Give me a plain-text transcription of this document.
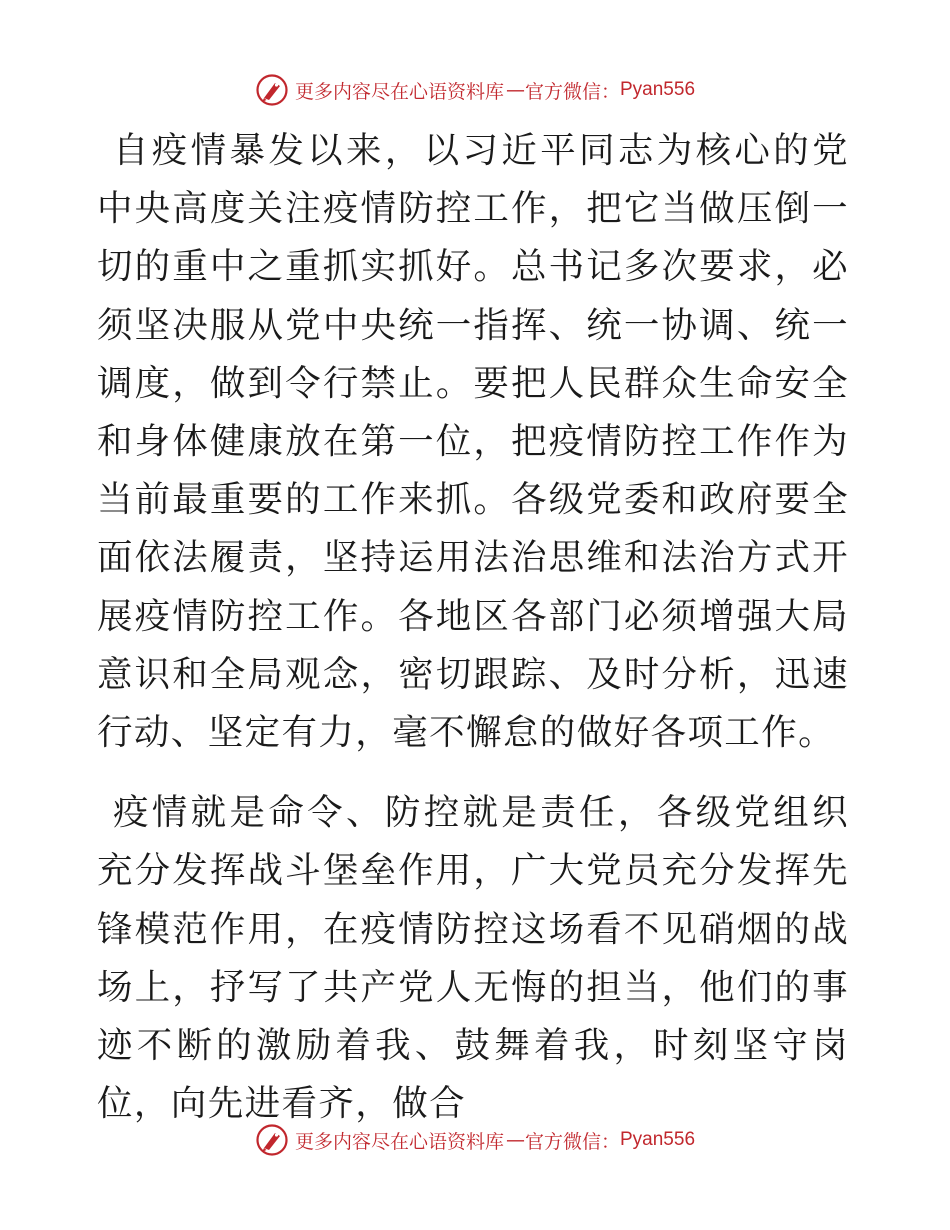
更多内容尽在心语资料库 — 官方微信： Pyan556

自疫情暴发以来，以习近平同志为核心的党中央高度关注疫情防控工作，把它当做压倒一切的重中之重抓实抓好。总书记多次要求，必须坚决服从党中央统一指挥、统一协调、统一调度，做到令行禁止。要把人民群众生命安全和身体健康放在第一位，把疫情防控工作作为当前最重要的工作来抓。各级党委和政府要全面依法履责，坚持运用法治思维和法治方式开展疫情防控工作。各地区各部门必须增强大局意识和全局观念，密切跟踪、及时分析，迅速行动、坚定有力，毫不懈怠的做好各项工作。

疫情就是命令、防控就是责任，各级党组织充分发挥战斗堡垒作用，广大党员充分发挥先锋模范作用，在疫情防控这场看不见硝烟的战场上，抒写了共产党人无悔的担当，他们的事迹不断的激励着我、鼓舞着我，时刻坚守岗位，向先进看齐，做合

更多内容尽在心语资料库 — 官方微信： Pyan556
